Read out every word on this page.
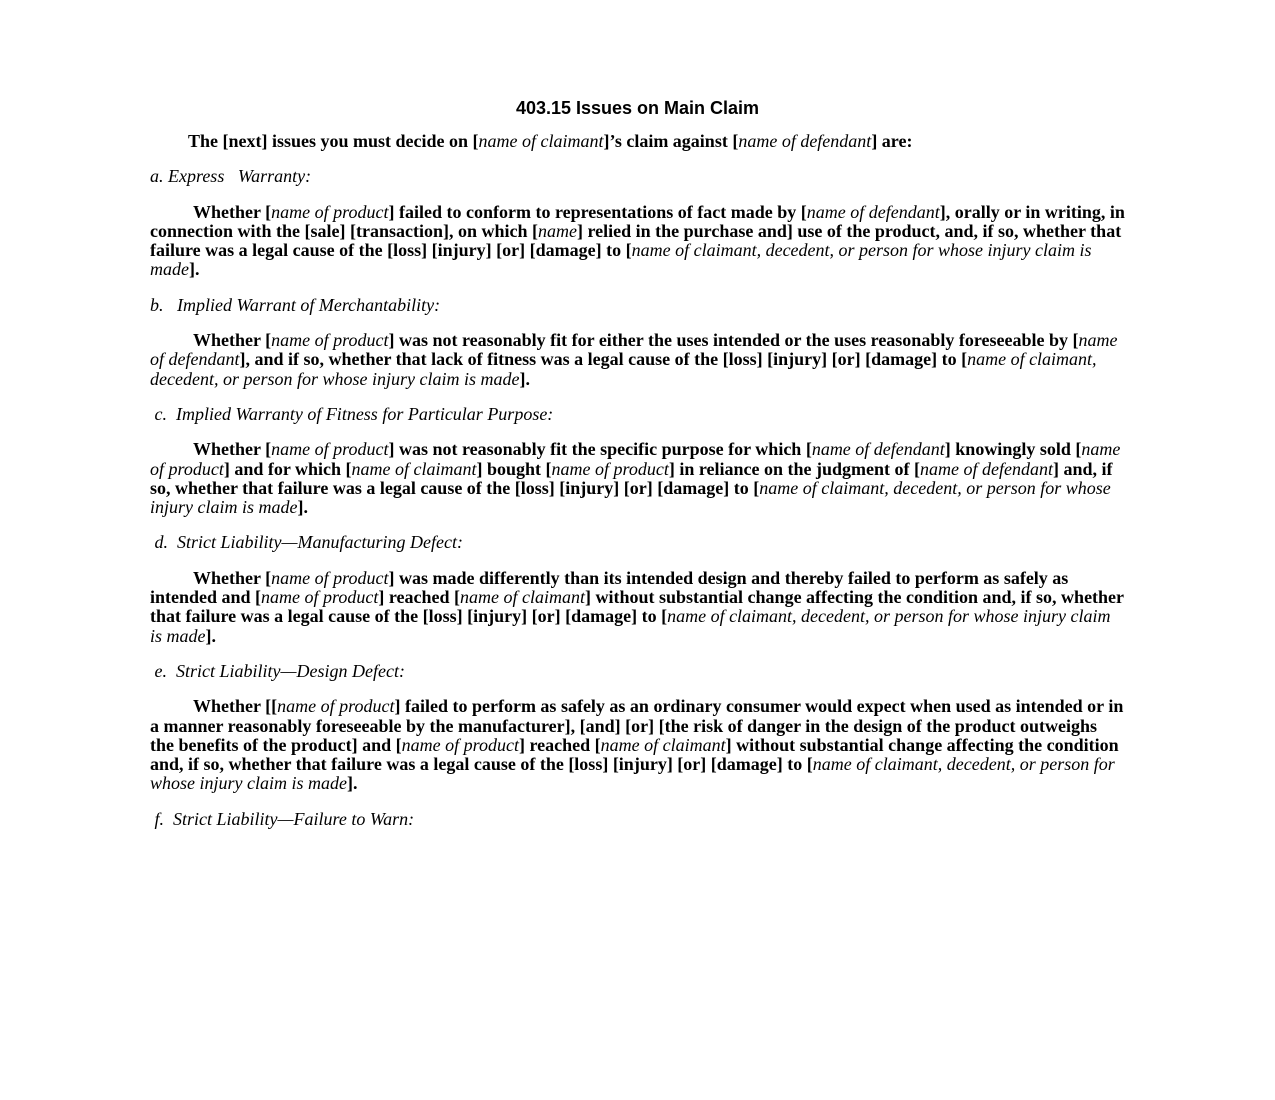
403.15 Issues on Main Claim

The [next] issues you must decide on [name of claimant]’s claim against [name of defendant] are:

a. Express   Warranty:

Whether [name of product] failed to conform to representations of fact made by [name of defendant], orally or in writing, in connection with the [sale] [transaction], on which [name] relied in the purchase and] use of the product, and, if so, whether that failure was a legal cause of the [loss] [injury] [or] [damage] to [name of claimant, decedent, or person for whose injury claim is made].

b.   Implied Warrant of Merchantability:

Whether [name of product] was not reasonably fit for either the uses intended or the uses reasonably foreseeable by [name of defendant], and if so, whether that lack of fitness was a legal cause of the [loss] [injury] [or] [damage] to [name of claimant, decedent, or person for whose injury claim is made].

c.  Implied Warranty of Fitness for Particular Purpose:

Whether [name of product] was not reasonably fit the specific purpose for which [name of defendant] knowingly sold [name of product] and for which [name of claimant] bought [name of product] in reliance on the judgment of [name of defendant] and, if so, whether that failure was a legal cause of the [loss] [injury] [or] [damage] to [name of claimant, decedent, or person for whose injury claim is made].

d.  Strict Liability—Manufacturing Defect:

Whether [name of product] was made differently than its intended design and thereby failed to perform as safely as intended and [name of product] reached [name of claimant] without substantial change affecting the condition and, if so, whether that failure was a legal cause of the [loss] [injury] [or] [damage] to [name of claimant, decedent, or person for whose injury claim is made].

e.  Strict Liability—Design Defect:

Whether [[name of product] failed to perform as safely as an ordinary consumer would expect when used as intended or in a manner reasonably foreseeable by the manufacturer], [and] [or] [the risk of danger in the design of the product outweighs the benefits of the product] and [name of product] reached [name of claimant] without substantial change affecting the condition and, if so, whether that failure was a legal cause of the [loss] [injury] [or] [damage] to [name of claimant, decedent, or person for whose injury claim is made].

f.  Strict Liability—Failure to Warn:
